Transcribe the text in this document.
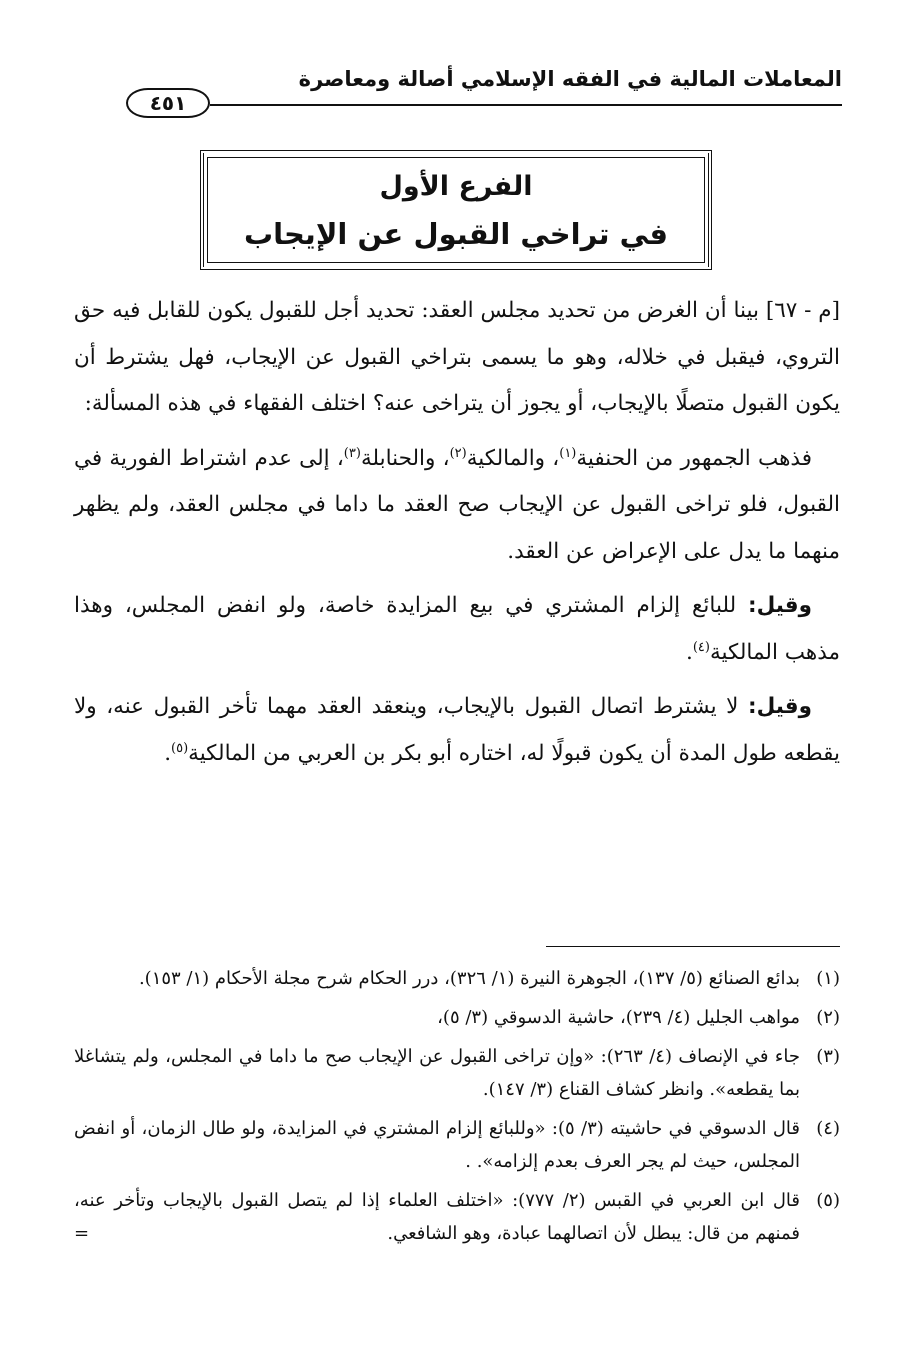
المعاملات المالية في الفقه الإسلامي أصالة ومعاصرة
٤٥١
الفرع الأول
في تراخي القبول عن الإيجاب

[م - ٦٧] بينا أن الغرض من تحديد مجلس العقد: تحديد أجل للقبول يكون للقابل فيه حق التروي، فيقبل في خلاله، وهو ما يسمى بتراخي القبول عن الإيجاب، فهل يشترط أن يكون القبول متصلًا بالإيجاب، أو يجوز أن يتراخى عنه؟ اختلف الفقهاء في هذه المسألة:

فذهب الجمهور من الحنفية$^{(١)}$، والمالكية$^{(٢)}$، والحنابلة$^{(٣)}$، إلى عدم اشتراط الفورية في القبول، فلو تراخى القبول عن الإيجاب صح العقد ما داما في مجلس العقد، ولم يظهر منهما ما يدل على الإعراض عن العقد.

وقيل: للبائع إلزام المشتري في بيع المزايدة خاصة، ولو انفض المجلس، وهذا مذهب المالكية$^{(٤)}$.

وقيل: لا يشترط اتصال القبول بالإيجاب، وينعقد العقد مهما تأخر القبول عنه، ولا يقطعه طول المدة أن يكون قبولًا له، اختاره أبو بكر بن العربي من المالكية$^{(٥)}$.

(١)
بدائع الصنائع (٥/ ١٣٧)، الجوهرة النيرة (١/ ٣٢٦)، درر الحكام شرح مجلة الأحكام (١/ ١٥٣).
(٢)
مواهب الجليل (٤/ ٢٣٩)، حاشية الدسوقي (٣/ ٥)،
(٣)
جاء في الإنصاف (٤/ ٢٦٣): «وإن تراخى القبول عن الإيجاب صح ما داما في المجلس، ولم يتشاغلا بما يقطعه». وانظر كشاف القناع (٣/ ١٤٧).
(٤)
قال الدسوقي في حاشيته (٣/ ٥): «وللبائع إلزام المشتري في المزايدة، ولو طال الزمان، أو انفض المجلس، حيث لم يجر العرف بعدم إلزامه». .
(٥)
قال ابن العربي في القبس (٢/ ٧٧٧): «اختلف العلماء إذا لم يتصل القبول بالإيجاب وتأخر عنه، فمنهم من قال: يبطل لأن اتصالهما عبادة، وهو الشافعي.
=
